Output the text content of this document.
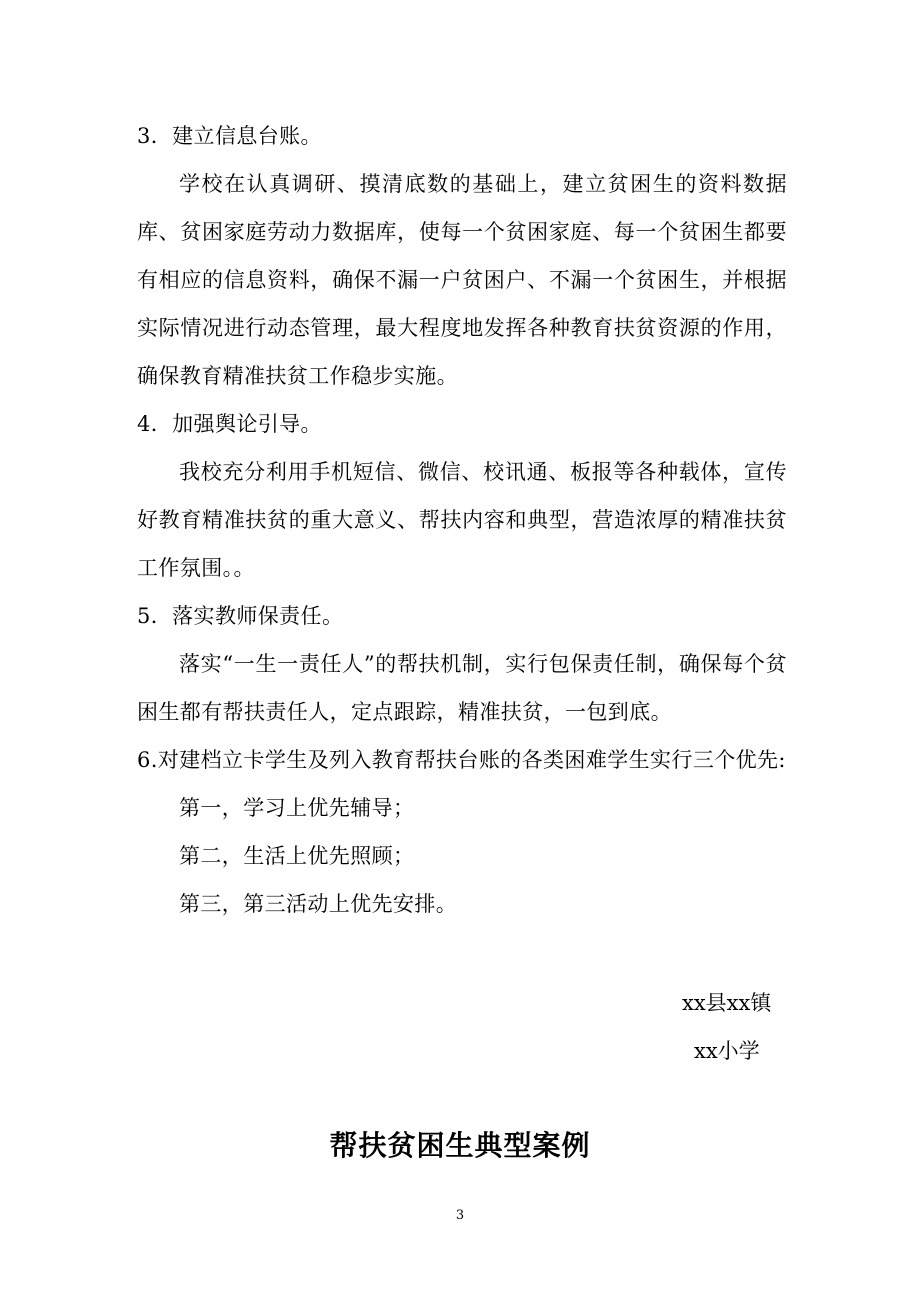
3．建立信息台账。

学校在认真调研、摸清底数的基础上，建立贫困生的资料数据库、贫困家庭劳动力数据库，使每一个贫困家庭、每一个贫困生都要有相应的信息资料，确保不漏一户贫困户、不漏一个贫困生，并根据实际情况进行动态管理，最大程度地发挥各种教育扶贫资源的作用，确保教育精准扶贫工作稳步实施。

4．加强舆论引导。

我校充分利用手机短信、微信、校讯通、板报等各种载体，宣传好教育精准扶贫的重大意义、帮扶内容和典型，营造浓厚的精准扶贫工作氛围。。

5．落实教师保责任。

落实“一生一责任人”的帮扶机制，实行包保责任制，确保每个贫困生都有帮扶责任人，定点跟踪，精准扶贫，一包到底。

6.对建档立卡学生及列入教育帮扶台账的各类困难学生实行三个优先:
第一，学习上优先辅导；
第二，生活上优先照顾；
第三，第三活动上优先安排。
xx县xx镇
xx小学
帮扶贫困生典型案例
3
